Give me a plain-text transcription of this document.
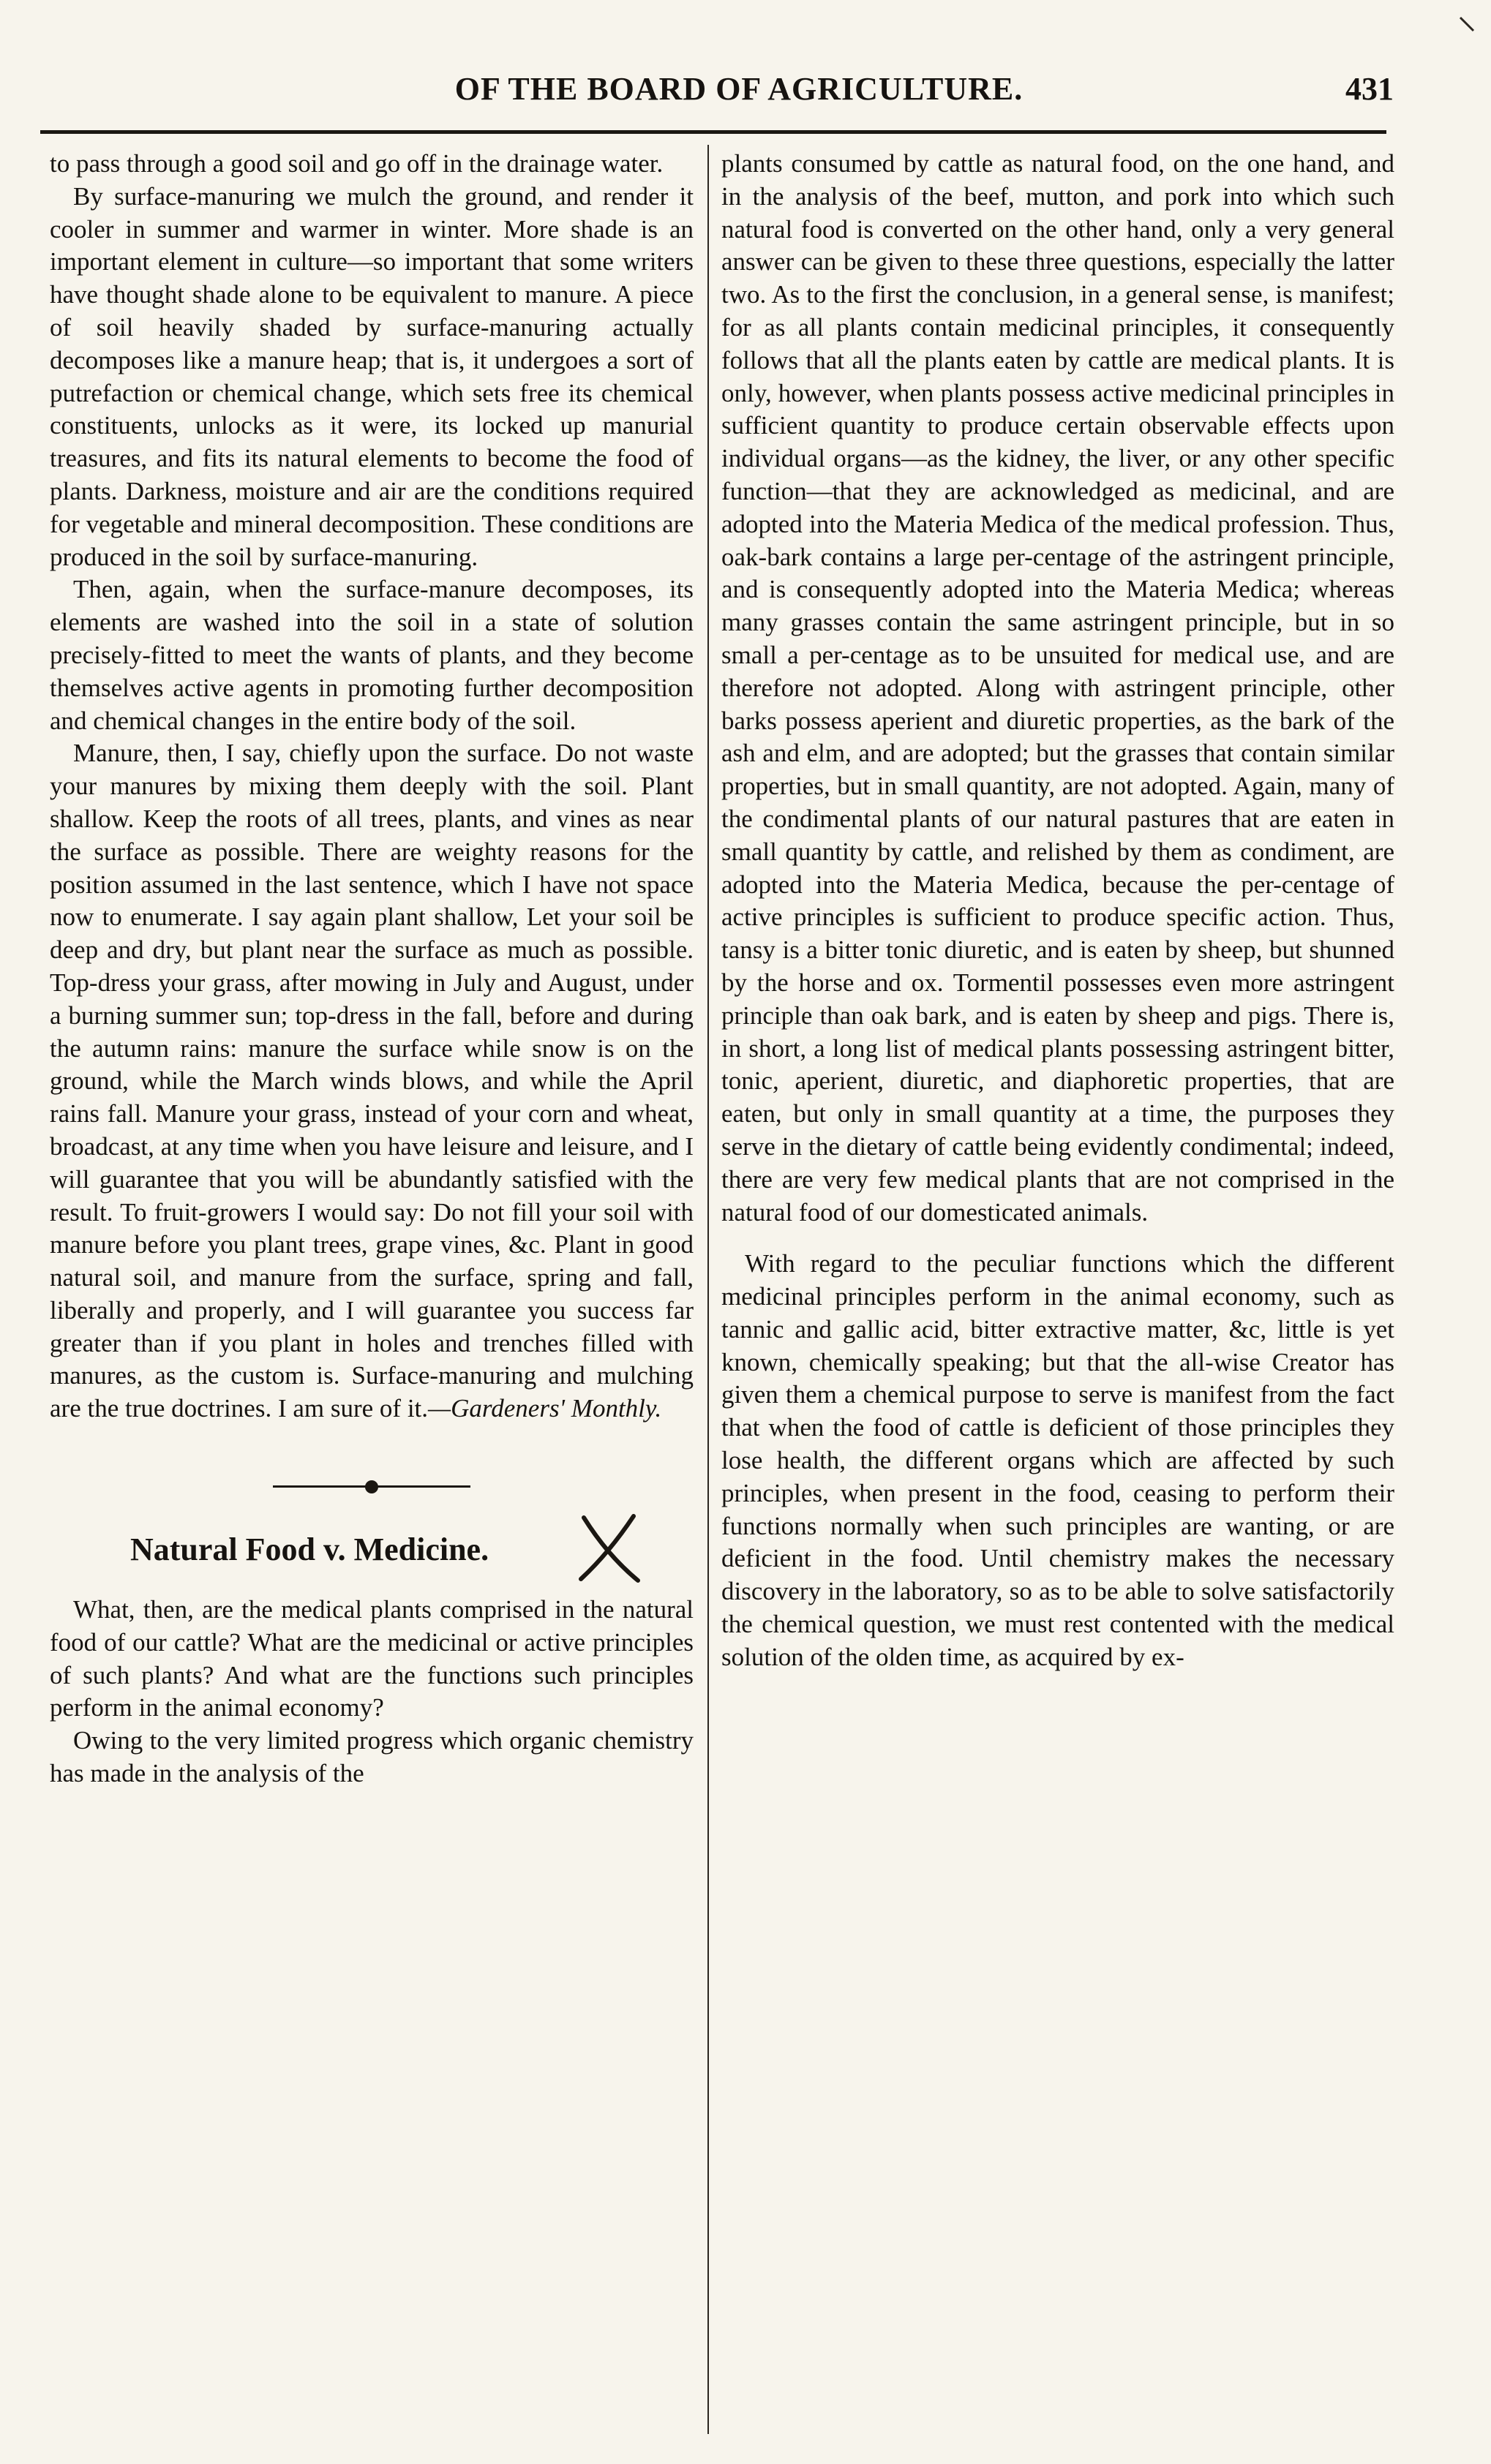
OF THE BOARD OF AGRICULTURE.	431

to pass through a good soil and go off in the drainage water.

By surface-manuring we mulch the ground, and render it cooler in summer and warmer in winter. More shade is an important element in culture—so important that some writers have thought shade alone to be equivalent to manure. A piece of soil heavily shaded by surface-manuring actually decomposes like a manure heap; that is, it undergoes a sort of putrefaction or chemical change, which sets free its chemical constituents, unlocks as it were, its locked up manurial treasures, and fits its natural elements to become the food of plants. Darkness, moisture and air are the conditions required for vegetable and mineral decomposition. These conditions are produced in the soil by surface-manuring.

Then, again, when the surface-manure decomposes, its elements are washed into the soil in a state of solution precisely-fitted to meet the wants of plants, and they become themselves active agents in promoting further decomposition and chemical changes in the entire body of the soil.

Manure, then, I say, chiefly upon the surface. Do not waste your manures by mixing them deeply with the soil. Plant shallow. Keep the roots of all trees, plants, and vines as near the surface as possible. There are weighty reasons for the position assumed in the last sentence, which I have not space now to enumerate. I say again plant shallow, Let your soil be deep and dry, but plant near the surface as much as possible. Top-dress your grass, after mowing in July and August, under a burning summer sun; top-dress in the fall, before and during the autumn rains: manure the surface while snow is on the ground, while the March winds blows, and while the April rains fall. Manure your grass, instead of your corn and wheat, broadcast, at any time when you have leisure and leisure, and I will guarantee that you will be abundantly satisfied with the result. To fruit-growers I would say: Do not fill your soil with manure before you plant trees, grape vines, &c. Plant in good natural soil, and manure from the surface, spring and fall, liberally and properly, and I will guarantee you success far greater than if you plant in holes and trenches filled with manures, as the custom is. Surface-manuring and mulching are the true doctrines. I am sure of it.—Gardeners' Monthly.

Natural Food v. Medicine.

What, then, are the medical plants comprised in the natural food of our cattle? What are the medicinal or active principles of such plants? And what are the functions such principles perform in the animal economy?

Owing to the very limited progress which organic chemistry has made in the analysis of the

plants consumed by cattle as natural food, on the one hand, and in the analysis of the beef, mutton, and pork into which such natural food is converted on the other hand, only a very general answer can be given to these three questions, especially the latter two. As to the first the conclusion, in a general sense, is manifest; for as all plants contain medicinal principles, it consequently follows that all the plants eaten by cattle are medical plants. It is only, however, when plants possess active medicinal principles in sufficient quantity to produce certain observable effects upon individual organs—as the kidney, the liver, or any other specific function—that they are acknowledged as medicinal, and are adopted into the Materia Medica of the medical profession. Thus, oak-bark contains a large per-centage of the astringent principle, and is consequently adopted into the Materia Medica; whereas many grasses contain the same astringent principle, but in so small a per-centage as to be unsuited for medical use, and are therefore not adopted. Along with astringent principle, other barks possess aperient and diuretic properties, as the bark of the ash and elm, and are adopted; but the grasses that contain similar properties, but in small quantity, are not adopted. Again, many of the condimental plants of our natural pastures that are eaten in small quantity by cattle, and relished by them as condiment, are adopted into the Materia Medica, because the per-centage of active principles is sufficient to produce specific action. Thus, tansy is a bitter tonic diuretic, and is eaten by sheep, but shunned by the horse and ox. Tormentil possesses even more astringent principle than oak bark, and is eaten by sheep and pigs. There is, in short, a long list of medical plants possessing astringent bitter, tonic, aperient, diuretic, and diaphoretic properties, that are eaten, but only in small quantity at a time, the purposes they serve in the dietary of cattle being evidently condimental; indeed, there are very few medical plants that are not comprised in the natural food of our domesticated animals.

With regard to the peculiar functions which the different medicinal principles perform in the animal economy, such as tannic and gallic acid, bitter extractive matter, &c, little is yet known, chemically speaking; but that the all-wise Creator has given them a chemical purpose to serve is manifest from the fact that when the food of cattle is deficient of those principles they lose health, the different organs which are affected by such principles, when present in the food, ceasing to perform their functions normally when such principles are wanting, or are deficient in the food. Until chemistry makes the necessary discovery in the laboratory, so as to be able to solve satisfactorily the chemical question, we must rest contented with the medical solution of the olden time, as acquired by ex-
